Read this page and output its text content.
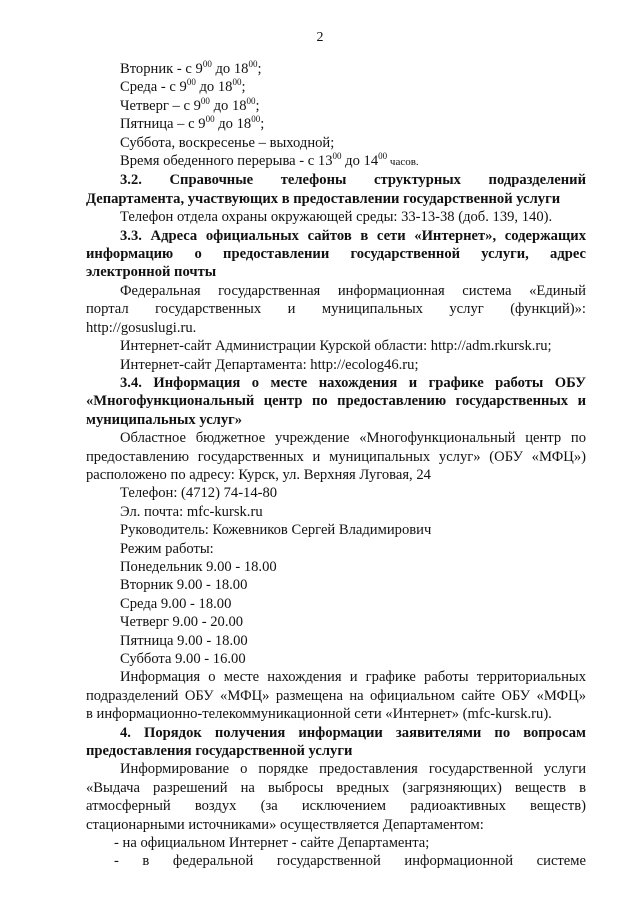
2

Вторник - с $9^{00}$ до $18^{00}$;

Среда - с $9^{00}$ до $18^{00}$;

Четверг – с $9^{00}$ до $18^{00}$;

Пятница – с $9^{00}$ до $18^{00}$;

Суббота, воскресенье – выходной;

Время обеденного перерыва - с $13^{00}$ до $14^{00}$ часов.

3.2. Справочные телефоны структурных подразделений

Департамента, участвующих в предоставлении государственной услуги

Телефон отдела охраны окружающей среды: 33-13-38 (доб. 139, 140).

3.3. Адреса официальных сайтов в сети «Интернет», содержащих

информацию о предоставлении государственной услуги, адрес

электронной почты

Федеральная государственная информационная система «Единый

портал государственных и муниципальных услуг (функций)»:

http://gosuslugi.ru.

Интернет-сайт Администрации Курской области: http://adm.rkursk.ru;

Интернет-сайт Департамента: http://ecolog46.ru;

3.4. Информация о месте нахождения и графике работы ОБУ

«Многофункциональный центр по предоставлению государственных и

муниципальных услуг»

Областное бюджетное учреждение «Многофункциональный центр по

предоставлению государственных и муниципальных услуг» (ОБУ «МФЦ»)

расположено по адресу: Курск, ул. Верхняя Луговая, 24

Телефон: (4712) 74-14-80

Эл. почта: mfc-kursk.ru

Руководитель: Кожевников Сергей Владимирович

Режим работы:

Понедельник 9.00 - 18.00

Вторник 9.00 - 18.00

Среда 9.00 - 18.00

Четверг 9.00 - 20.00

Пятница 9.00 - 18.00

Суббота 9.00 - 16.00

Информация о месте нахождения и графике работы территориальных

подразделений ОБУ «МФЦ» размещена на официальном сайте ОБУ «МФЦ»

в информационно-телекоммуникационной сети «Интернет» (mfc-kursk.ru).

4. Порядок получения информации заявителями по вопросам

предоставления государственной услуги

Информирование о порядке предоставления государственной услуги

«Выдача разрешений на выбросы вредных (загрязняющих) веществ в

атмосферный воздух (за исключением радиоактивных веществ)

стационарными источниками» осуществляется Департаментом:

- на официальном Интернет - сайте Департамента;

- в федеральной государственной информационной системе
